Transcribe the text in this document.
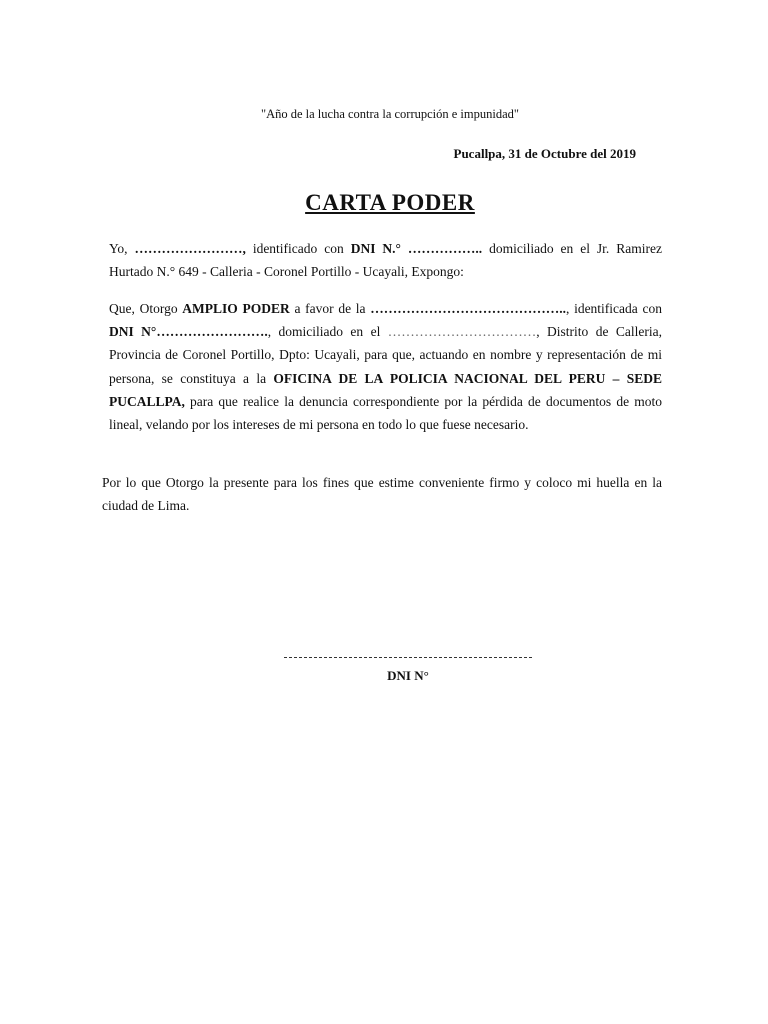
"Año de la lucha contra la corrupción e impunidad"
Pucallpa, 31 de Octubre del 2019
CARTA PODER
Yo, ……………………, identificado con DNI N.° …………….. domiciliado en el Jr. Ramirez Hurtado N.° 649 - Calleria - Coronel Portillo - Ucayali, Expongo:
Que, Otorgo AMPLIO PODER a favor de la …………………………………….., identificada con DNI N°……………………., domiciliado en el ……………………………, Distrito de Calleria, Provincia de Coronel Portillo, Dpto: Ucayali, para que, actuando en nombre y representación de mi persona, se constituya a la OFICINA DE LA POLICIA NACIONAL DEL PERU – SEDE PUCALLPA, para que realice la denuncia correspondiente por la pérdida de documentos de moto lineal, velando por los intereses de mi persona en todo lo que fuese necesario.
Por lo que Otorgo la presente para los fines que estime conveniente firmo y coloco mi huella en la ciudad de Lima.
DNI N°
